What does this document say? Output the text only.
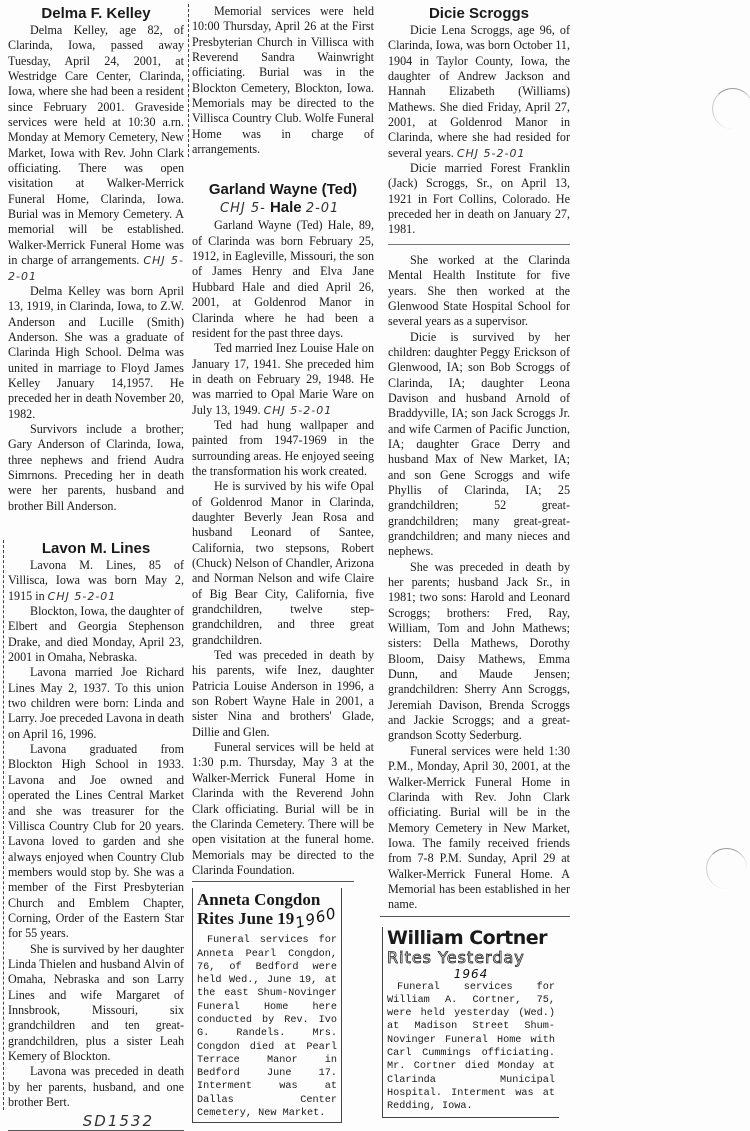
Delma F. Kelley

Delma Kelley, age 82, of Clarinda, Iowa, passed away Tuesday, April 24, 2001, at Westridge Care Center, Clarinda, Iowa, where she had been a resident since February 2001. Graveside services were held at 10:30 a.rn. Monday at Memory Cemetery, New Market, Iowa with Rev. John Clark officiating. There was open visitation at Walker-Merrick Funeral Home, Clarinda, Iowa. Burial was in Memory Cemetery. A memorial will be established. Walker-Merrick Funeral Home was in charge of arrangements. CHJ 5-2-01

Delma Kelley was born April 13, 1919, in Clarinda, Iowa, to Z.W. Anderson and Lucille (Smith) Anderson. She was a graduate of Clarinda High School. Delma was united in marriage to Floyd James Kelley January 14,1957. He preceded her in death November 20, 1982.

Survivors include a brother; Gary Anderson of Clarinda, Iowa, three nephews and friend Audra Simrnons. Preceding her in death were her parents, husband and brother Bill Anderson.

Lavon M. Lines

Lavona M. Lines, 85 of Villisca, Iowa was born May 2, 1915 in CHJ 5-2-01

Blockton, Iowa, the daughter of Elbert and Georgia Stephenson Drake, and died Monday, April 23, 2001 in Omaha, Nebraska.

Lavona married Joe Richard Lines May 2, 1937. To this union two children were born: Linda and Larry. Joe preceded Lavona in death on April 16, 1996.

Lavona graduated from Blockton High School in 1933. Lavona and Joe owned and operated the Lines Central Market and she was treasurer for the Villisca Country Club for 20 years. Lavona loved to garden and she always enjoyed when Country Club members would stop by. She was a member of the First Presbyterian Church and Emblem Chapter, Corning, Order of the Eastern Star for 55 years.

She is survived by her daughter Linda Thielen and husband Alvin of Omaha, Nebraska and son Larry Lines and wife Margaret of Innsbrook, Missouri, six grandchildren and ten great-grandchildren, plus a sister Leah Kemery of Blockton.

Lavona was preceded in death by her parents, husband, and one brother Bert.

SD1532

Memorial services were held 10:00 Thursday, April 26 at the First Presbyterian Church in Villisca with Reverend Sandra Wainwright officiating. Burial was in the Blockton Cemetery, Blockton, Iowa. Memorials may be directed to the Villisca Country Club. Wolfe Funeral Home was in charge of arrangements.

Garland Wayne (Ted)
CHJ 5- Hale 2-01

Garland Wayne (Ted) Hale, 89, of Clarinda was born February 25, 1912, in Eagleville, Missouri, the son of James Henry and Elva Jane Hubbard Hale and died April 26, 2001, at Goldenrod Manor in Clarinda where he had been a resident for the past three days.

Ted married Inez Louise Hale on January 17, 1941. She preceded him in death on February 29, 1948. He was married to Opal Marie Ware on July 13, 1949. CHJ 5-2-01

Ted had hung wallpaper and painted from 1947-1969 in the surrounding areas. He enjoyed seeing the transformation his work created.

He is survived by his wife Opal of Goldenrod Manor in Clarinda, daughter Beverly Jean Rosa and husband Leonard of Santee, California, two stepsons, Robert (Chuck) Nelson of Chandler, Arizona and Norman Nelson and wife Claire of Big Bear City, California, five grandchildren, twelve step-grandchildren, and three great grandchildren.

Ted was preceded in death by his parents, wife Inez, daughter Patricia Louise Anderson in 1996, a son Robert Wayne Hale in 2001, a sister Nina and brothers' Glade, Dillie and Glen.

Funeral services will be held at 1:30 p.m. Thursday, May 3 at the Walker-Merrick Funeral Home in Clarinda with the Reverend John Clark officiating. Burial will be in the Clarinda Cemetery. There will be open visitation at the funeral home. Memorials may be directed to the Clarinda Foundation.

Anneta Congdon
Rites June 19
1960
Funeral services for Anneta Pearl Congdon, 76, of Bedford were held Wed., June 19, at the east Shum-Novinger Funeral Home here conducted by Rev. Ivo G. Randels. Mrs. Congdon died at Pearl Terrace Manor in Bedford June 17. Interment was at Dallas Center Cemetery, New Market.
Dicie Scroggs

Dicie Lena Scroggs, age 96, of Clarinda, Iowa, was born October 11, 1904 in Taylor County, Iowa, the daughter of Andrew Jackson and Hannah Elizabeth (Williams) Mathews. She died Friday, April 27, 2001, at Goldenrod Manor in Clarinda, where she had resided for several years. CHJ 5-2-01

Dicie married Forest Franklin (Jack) Scroggs, Sr., on April 13, 1921 in Fort Collins, Colorado. He preceded her in death on January 27, 1981.

She worked at the Clarinda Mental Health Institute for five years. She then worked at the Glenwood State Hospital School for several years as a supervisor.

Dicie is survived by her children: daughter Peggy Erickson of Glenwood, IA; son Bob Scroggs of Clarinda, IA; daughter Leona Davison and husband Arnold of Braddyville, IA; son Jack Scroggs Jr. and wife Carmen of Pacific Junction, IA; daughter Grace Derry and husband Max of New Market, IA; and son Gene Scroggs and wife Phyllis of Clarinda, IA; 25 grandchildren; 52 great-grandchildren; many great-great-grandchildren; and many nieces and nephews.

She was preceded in death by her parents; husband Jack Sr., in 1981; two sons: Harold and Leonard Scroggs; brothers: Fred, Ray, William, Tom and John Mathews; sisters: Della Mathews, Dorothy Bloom, Daisy Mathews, Emma Dunn, and Maude Jensen; grandchildren: Sherry Ann Scroggs, Jeremiah Davison, Brenda Scroggs and Jackie Scroggs; and a great-grandson Scotty Sederburg.

Funeral services were held 1:30 P.M., Monday, April 30, 2001, at the Walker-Merrick Funeral Home in Clarinda with Rev. John Clark officiating. Burial will be in the Memory Cemetery in New Market, Iowa. The family received friends from 7-8 P.M. Sunday, April 29 at Walker-Merrick Funeral Home. A Memorial has been established in her name.

William Cortner
Rites Yesterday
1964
Funeral services for William A. Cortner, 75, were held yesterday (Wed.) at Madison Street Shum-Novinger Funeral Home with Carl Cummings officiating. Mr. Cortner died Monday at Clarinda Municipal Hospital. Interment was at Redding, Iowa.
